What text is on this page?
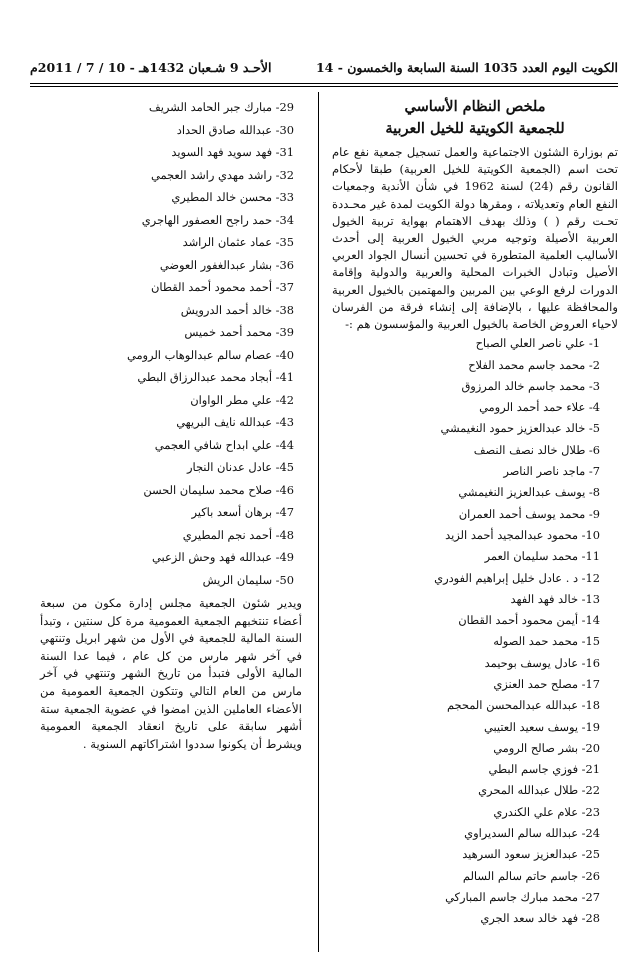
الكويت اليوم العدد 1035 السنة السابعة والخمسون - 14
الأحـد 9 شـعبان 1432هـ - 10 / 7 / 2011م
ملخص النظام الأساسي
للجمعية الكويتية للخيل العربية

تم بوزارة الشئون الاجتماعية والعمل تسجيل جمعية نفع عام تحت اسم (الجمعية الكويتية للخيل العربية) طبقا لأحكام القانون رقم (24) لسنة 1962 في شأن الأندية وجمعيات النفع العام وتعديلاته ، ومقرها دولة الكويت لمدة غير محـددة تحـت رقم ( ) وذلك بهدف الاهتمام بهواية تربية الخيول العربية الأصيلة وتوجيه مربي الخيول العربية إلى أحدث الأساليب العلمية المتطورة في تحسين أنسال الجواد العربي الأصيل وتبادل الخبرات المحلية والعربية والدولية وإقامة الدورات لرفع الوعي بين المربين والمهتمين بالخيول العربية والمحافظة عليها ، بالإضافة إلى إنشاء فرقة من الفرسان لاحياء العروض الخاصة بالخيول العربية والمؤسسون هم :-

1- علي ناصر العلي الصباح
2- محمد جاسم محمد الفلاح
3- محمد جاسم خالد المرزوق
4- علاء حمد أحمد الرومي
5- خالد عبدالعزيز حمود النغيمشي
6- طلال خالد نصف النصف
7- ماجد ناصر الناصر
8- يوسف عبدالعزيز النغيمشي
9- محمد يوسف أحمد العمران
10- محمود عبدالمجيد أحمد الزيد
11- محمد سليمان العمر
12- د . عادل خليل إبراهيم الفودري
13- خالد فهد الفهد
14- أيمن محمود أحمد القطان
15- محمد حمد الصوله
16- عادل يوسف بوحيمد
17- مصلح حمد العنزي
18- عبدالله عبدالمحسن المحجم
19- يوسف سعيد العتيبي
20- بشر صالح الرومي
21- فوزي جاسم البطي
22- طلال عبدالله المحري
23- علام علي الكندري
24- عبدالله سالم السديراوي
25- عبدالعزيز سعود السرهيد
26- جاسم حاتم سالم السالم
27- محمد مبارك جاسم المباركي
28- فهد خالد سعد الجري
29- مبارك جبر الحامد الشريف
30- عبدالله صادق الحداد
31- فهد سويد فهد السويد
32- راشد مهدي راشد العجمي
33- محسن خالد المطيري
34- حمد راجح العصفور الهاجري
35- عماد عثمان الراشد
36- بشار عبدالغفور العوضي
37- أحمد محمود أحمد القطان
38- خالد أحمد الدرويش
39- محمد أحمد خميس
40- عصام سالم عبدالوهاب الرومي
41- أبجاد محمد عبدالرزاق البطي
42- علي مطر الواوان
43- عبدالله نايف البريهي
44- علي ابداح شافي العجمي
45- عادل عدنان النجار
46- صلاح محمد سليمان الحسن
47- برهان أسعد باكير
48- أحمد نجم المطيري
49- عبدالله فهد وحش الزعبي
50- سليمان الريش

ويدير شئون الجمعية مجلس إدارة مكون من سبعة أعضاء تنتخبهم الجمعية العمومية مرة كل سنتين ، وتبدأ السنة المالية للجمعية في الأول من شهر ابريل وتنتهي في آخر شهر مارس من كل عام ، فيما عدا السنة المالية الأولى فتبدأ من تاريخ الشهر وتنتهي في آخر مارس من العام التالي وتتكون الجمعية العمومية من الأعضاء العاملين الذين امضوا في عضوية الجمعية ستة أشهر سابقة على تاريخ انعقاد الجمعية العمومية ويشرط أن يكونوا سددوا اشتراكاتهم السنوية .
